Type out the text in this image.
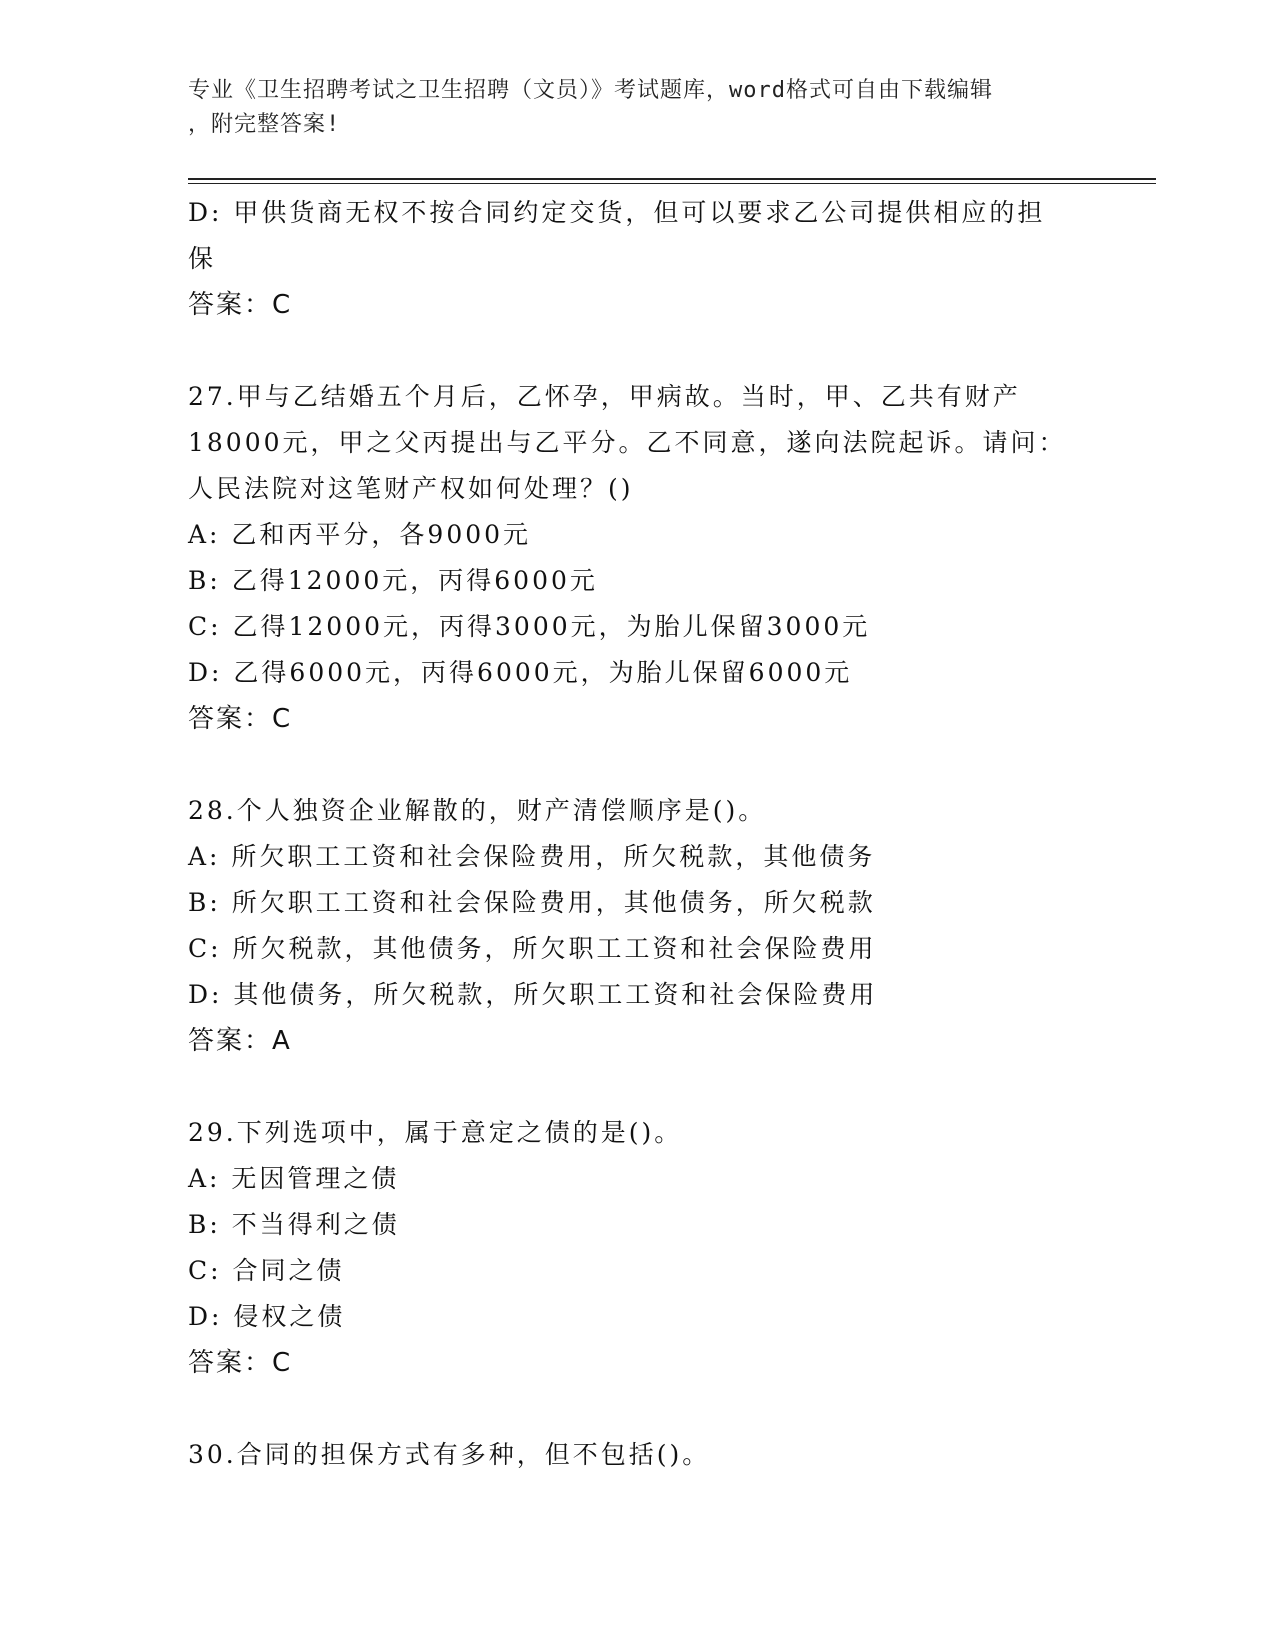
专业《卫生招聘考试之卫生招聘（文员）》考试题库，word格式可自由下载编辑
，附完整答案!
D: 甲供货商无权不按合同约定交货，但可以要求乙公司提供相应的担
保
答案：C
27.甲与乙结婚五个月后，乙怀孕，甲病故。当时，甲、乙共有财产
18000元，甲之父丙提出与乙平分。乙不同意，遂向法院起诉。请问：
人民法院对这笔财产权如何处理？()
A: 乙和丙平分，各9000元
B: 乙得12000元，丙得6000元
C: 乙得12000元，丙得3000元，为胎儿保留3000元
D: 乙得6000元，丙得6000元，为胎儿保留6000元
答案：C
28.个人独资企业解散的，财产清偿顺序是()。
A: 所欠职工工资和社会保险费用，所欠税款，其他债务
B: 所欠职工工资和社会保险费用，其他债务，所欠税款
C: 所欠税款，其他债务，所欠职工工资和社会保险费用
D: 其他债务，所欠税款，所欠职工工资和社会保险费用
答案：A
29.下列选项中，属于意定之债的是()。
A: 无因管理之债
B: 不当得利之债
C: 合同之债
D: 侵权之债
答案：C
30.合同的担保方式有多种，但不包括()。
